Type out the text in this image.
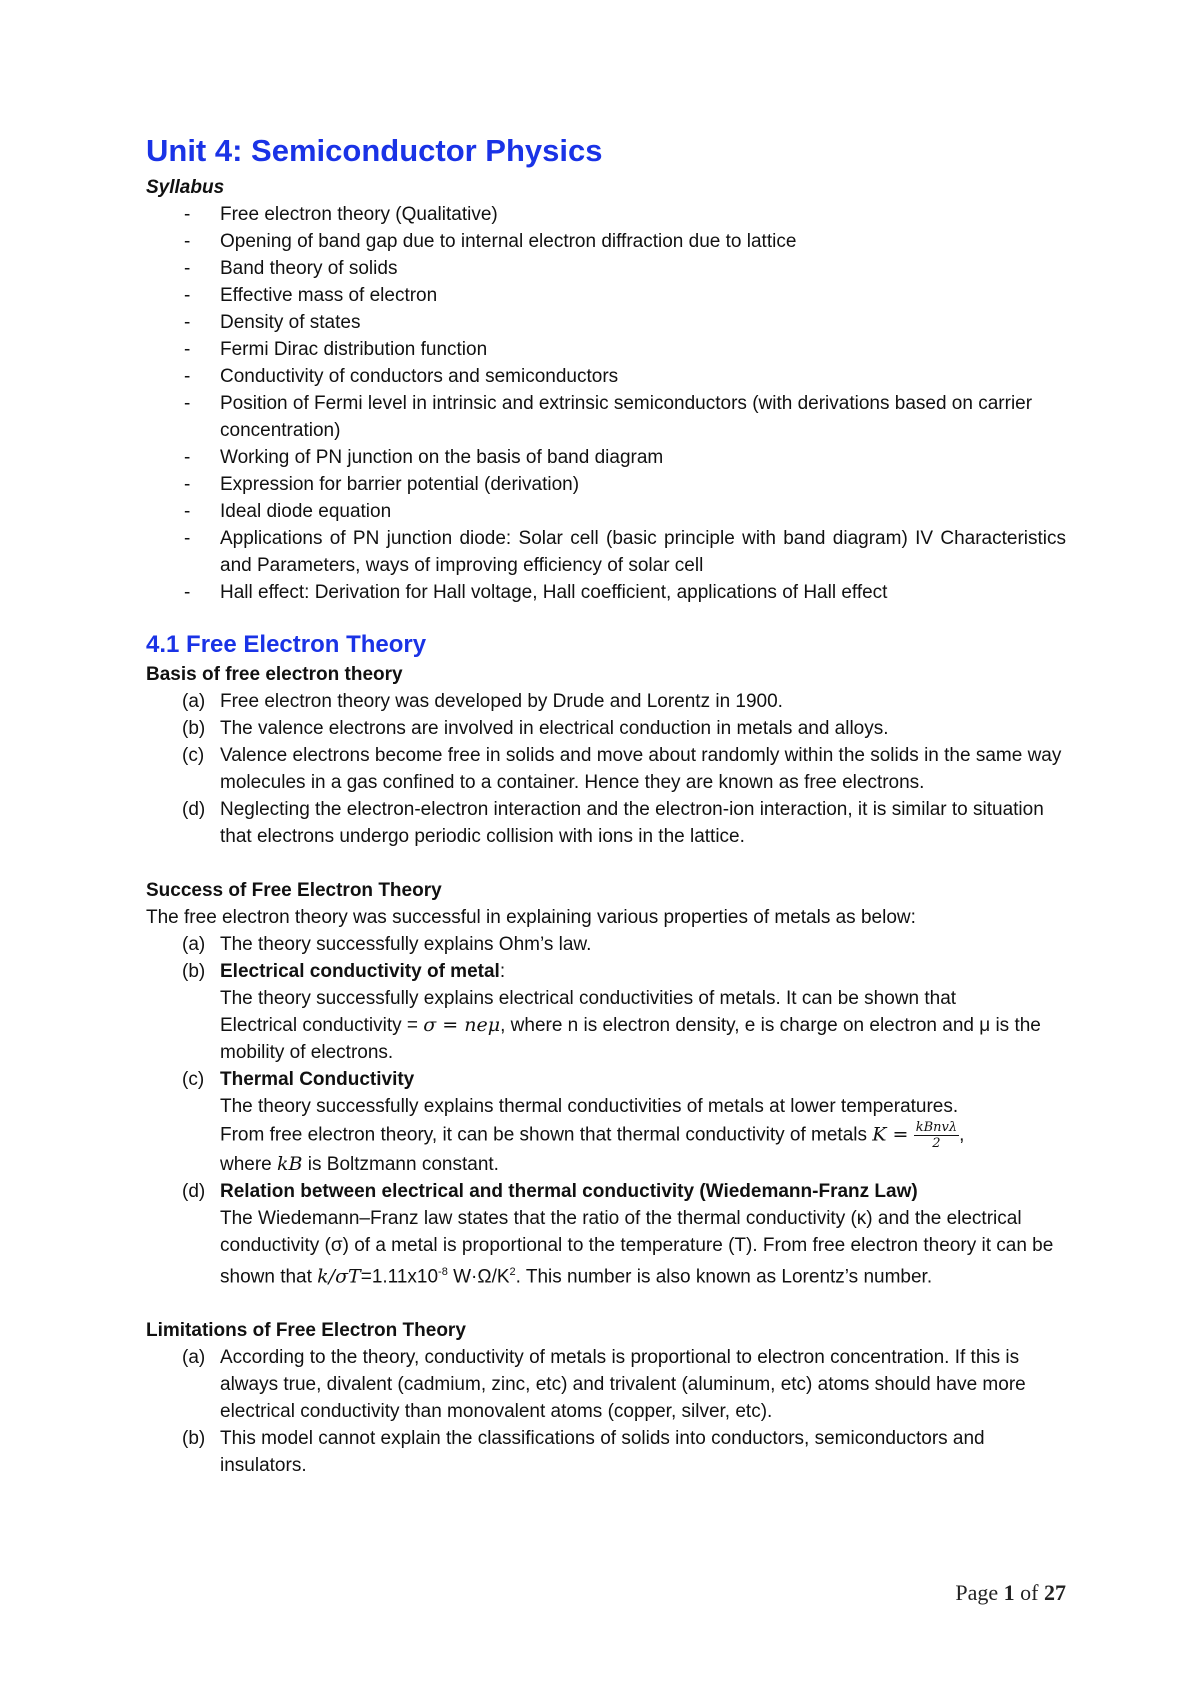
Unit 4: Semiconductor Physics
Syllabus
- Free electron theory (Qualitative)
- Opening of band gap due to internal electron diffraction due to lattice
- Band theory of solids
- Effective mass of electron
- Density of states
- Fermi Dirac distribution function
- Conductivity of conductors and semiconductors
- Position of Fermi level in intrinsic and extrinsic semiconductors (with derivations based on carrier concentration)
- Working of PN junction on the basis of band diagram
- Expression for barrier potential (derivation)
- Ideal diode equation
- Applications of PN junction diode: Solar cell (basic principle with band diagram) IV Characteristics and Parameters, ways of improving efficiency of solar cell
- Hall effect: Derivation for Hall voltage, Hall coefficient, applications of Hall effect
4.1 Free Electron Theory
Basis of free electron theory
(a) Free electron theory was developed by Drude and Lorentz in 1900.
(b) The valence electrons are involved in electrical conduction in metals and alloys.
(c) Valence electrons become free in solids and move about randomly within the solids in the same way molecules in a gas confined to a container. Hence they are known as free electrons.
(d) Neglecting the electron-electron interaction and the electron-ion interaction, it is similar to situation that electrons undergo periodic collision with ions in the lattice.
Success of Free Electron Theory
The free electron theory was successful in explaining various properties of metals as below:
(a) The theory successfully explains Ohm’s law.
(b) Electrical conductivity of metal:
The theory successfully explains electrical conductivities of metals. It can be shown that
Electrical conductivity = σ = neμ, where n is electron density, e is charge on electron and μ is the mobility of electrons.
(c) Thermal Conductivity
The theory successfully explains thermal conductivities of metals at lower temperatures.
From free electron theory, it can be shown that thermal conductivity of metals $K = \frac{\text{kBnvλ}}{2}$ ,
where kB is Boltzmann constant.
(d) Relation between electrical and thermal conductivity (Wiedemann-Franz Law)
The Wiedemann–Franz law states that the ratio of the thermal conductivity (κ) and the electrical conductivity (σ) of a metal is proportional to the temperature (T). From free electron theory it can be shown that $k/\sigma T=1.11x10^{-8}$ $W\cdot\Omega/K^2$. This number is also known as Lorentz’s number.
Limitations of Free Electron Theory
(a) According to the theory, conductivity of metals is proportional to electron concentration. If this is always true, divalent (cadmium, zinc, etc) and trivalent (aluminum, etc) atoms should have more electrical conductivity than monovalent atoms (copper, silver, etc).
(b) This model cannot explain the classifications of solids into conductors, semiconductors and insulators.
Page 1 of 27
